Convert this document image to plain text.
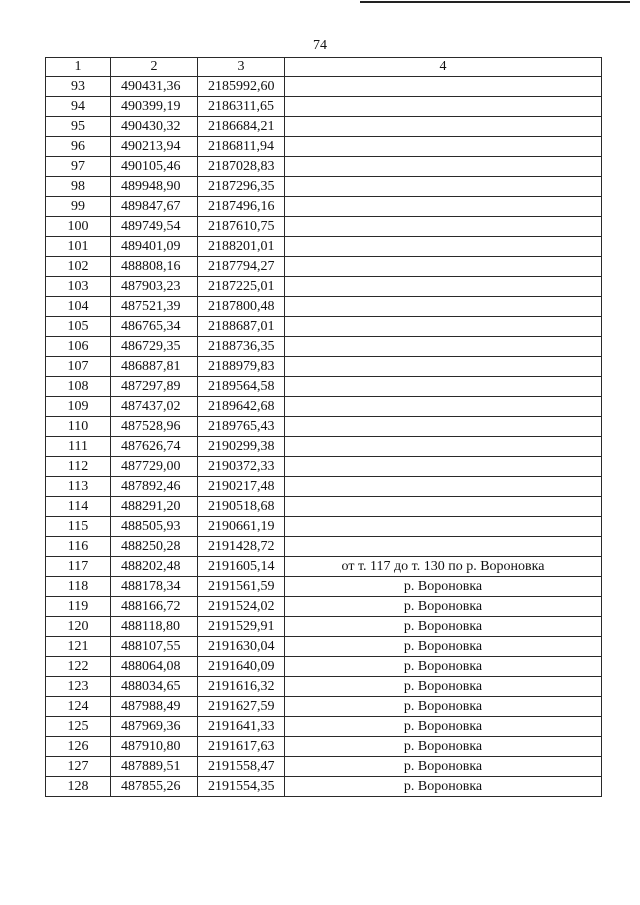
74
1	2	3	4
93	490431,36	2185992,60	
94	490399,19	2186311,65	
95	490430,32	2186684,21	
96	490213,94	2186811,94	
97	490105,46	2187028,83	
98	489948,90	2187296,35	
99	489847,67	2187496,16	
100	489749,54	2187610,75	
101	489401,09	2188201,01	
102	488808,16	2187794,27	
103	487903,23	2187225,01	
104	487521,39	2187800,48	
105	486765,34	2188687,01	
106	486729,35	2188736,35	
107	486887,81	2188979,83	
108	487297,89	2189564,58	
109	487437,02	2189642,68	
110	487528,96	2189765,43	
111	487626,74	2190299,38	
112	487729,00	2190372,33	
113	487892,46	2190217,48	
114	488291,20	2190518,68	
115	488505,93	2190661,19	
116	488250,28	2191428,72	
117	488202,48	2191605,14	от т. 117 до т. 130 по р. Вороновка
118	488178,34	2191561,59	р. Вороновка
119	488166,72	2191524,02	р. Вороновка
120	488118,80	2191529,91	р. Вороновка
121	488107,55	2191630,04	р. Вороновка
122	488064,08	2191640,09	р. Вороновка
123	488034,65	2191616,32	р. Вороновка
124	487988,49	2191627,59	р. Вороновка
125	487969,36	2191641,33	р. Вороновка
126	487910,80	2191617,63	р. Вороновка
127	487889,51	2191558,47	р. Вороновка
128	487855,26	2191554,35	р. Вороновка
